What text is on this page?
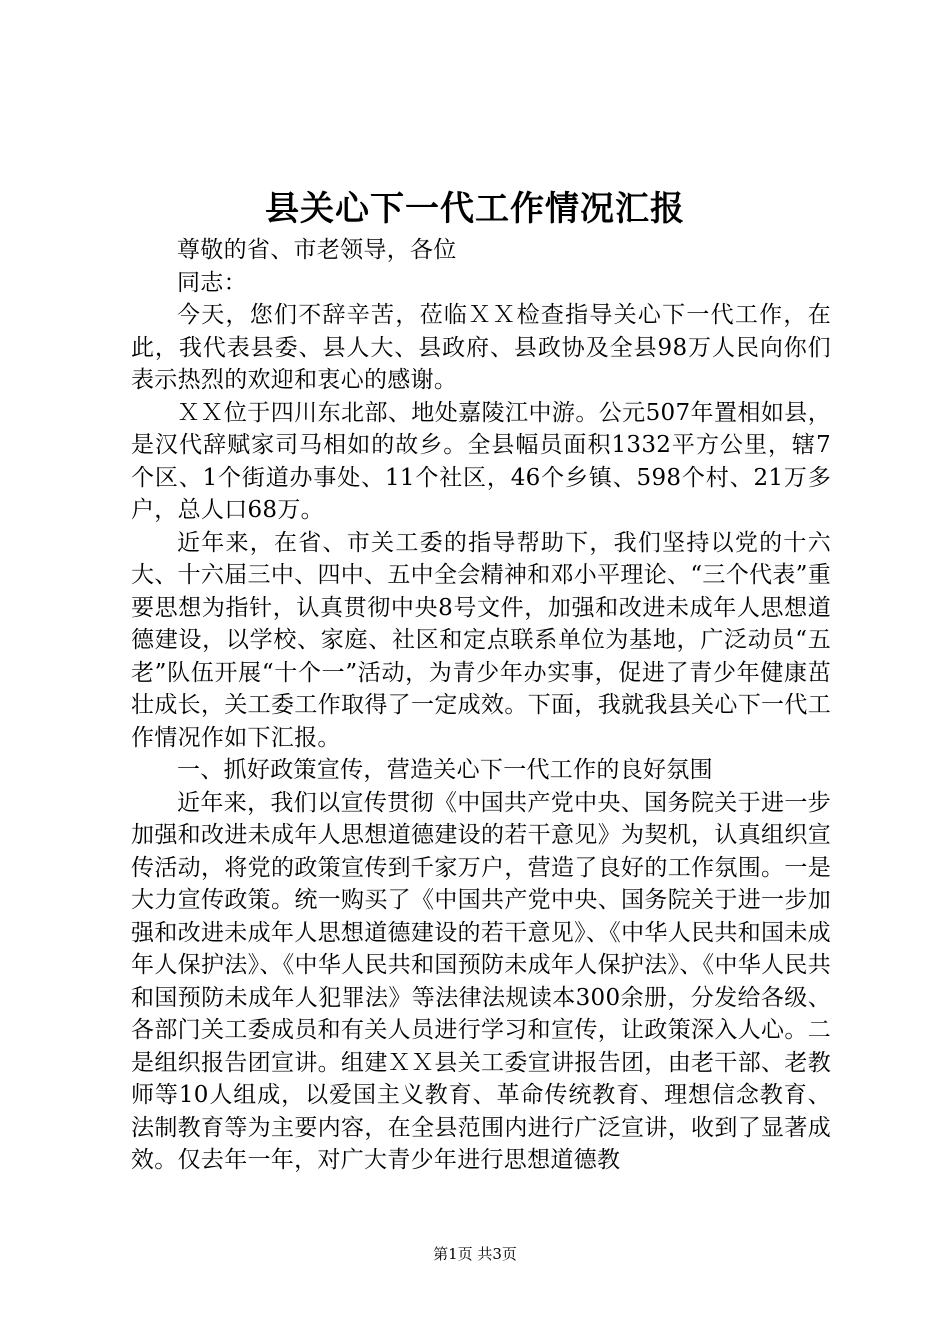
县关心下一代工作情况汇报

尊敬的省、市老领导，各位

同志：

今天，您们不辞辛苦，莅临ＸＸ检查指导关心下一代工作，在此，我代表县委、县人大、县政府、县政协及全县98万人民向你们表示热烈的欢迎和衷心的感谢。

ＸＸ位于四川东北部、地处嘉陵江中游。公元507年置相如县，是汉代辞赋家司马相如的故乡。全县幅员面积1332平方公里，辖7个区、1个街道办事处、11个社区，46个乡镇、598个村、21万多户，总人口68万。

近年来，在省、市关工委的指导帮助下，我们坚持以党的十六大、十六届三中、四中、五中全会精神和邓小平理论、“三个代表”重要思想为指针，认真贯彻中央8号文件，加强和改进未成年人思想道德建设，以学校、家庭、社区和定点联系单位为基地，广泛动员“五老”队伍开展“十个一”活动，为青少年办实事，促进了青少年健康茁壮成长，关工委工作取得了一定成效。下面，我就我县关心下一代工作情况作如下汇报。

一、抓好政策宣传，营造关心下一代工作的良好氛围

近年来，我们以宣传贯彻《中国共产党中央、国务院关于进一步加强和改进未成年人思想道德建设的若干意见》为契机，认真组织宣传活动，将党的政策宣传到千家万户，营造了良好的工作氛围。一是大力宣传政策。统一购买了《中国共产党中央、国务院关于进一步加强和改进未成年人思想道德建设的若干意见》、《中华人民共和国未成年人保护法》、《中华人民共和国预防未成年人保护法》、《中华人民共和国预防未成年人犯罪法》等法律法规读本300余册，分发给各级、各部门关工委成员和有关人员进行学习和宣传，让政策深入人心。二是组织报告团宣讲。组建ＸＸ县关工委宣讲报告团，由老干部、老教师等10人组成，以爱国主义教育、革命传统教育、理想信念教育、法制教育等为主要内容，在全县范围内进行广泛宣讲，收到了显著成效。仅去年一年，对广大青少年进行思想道德教

第1页 共3页
